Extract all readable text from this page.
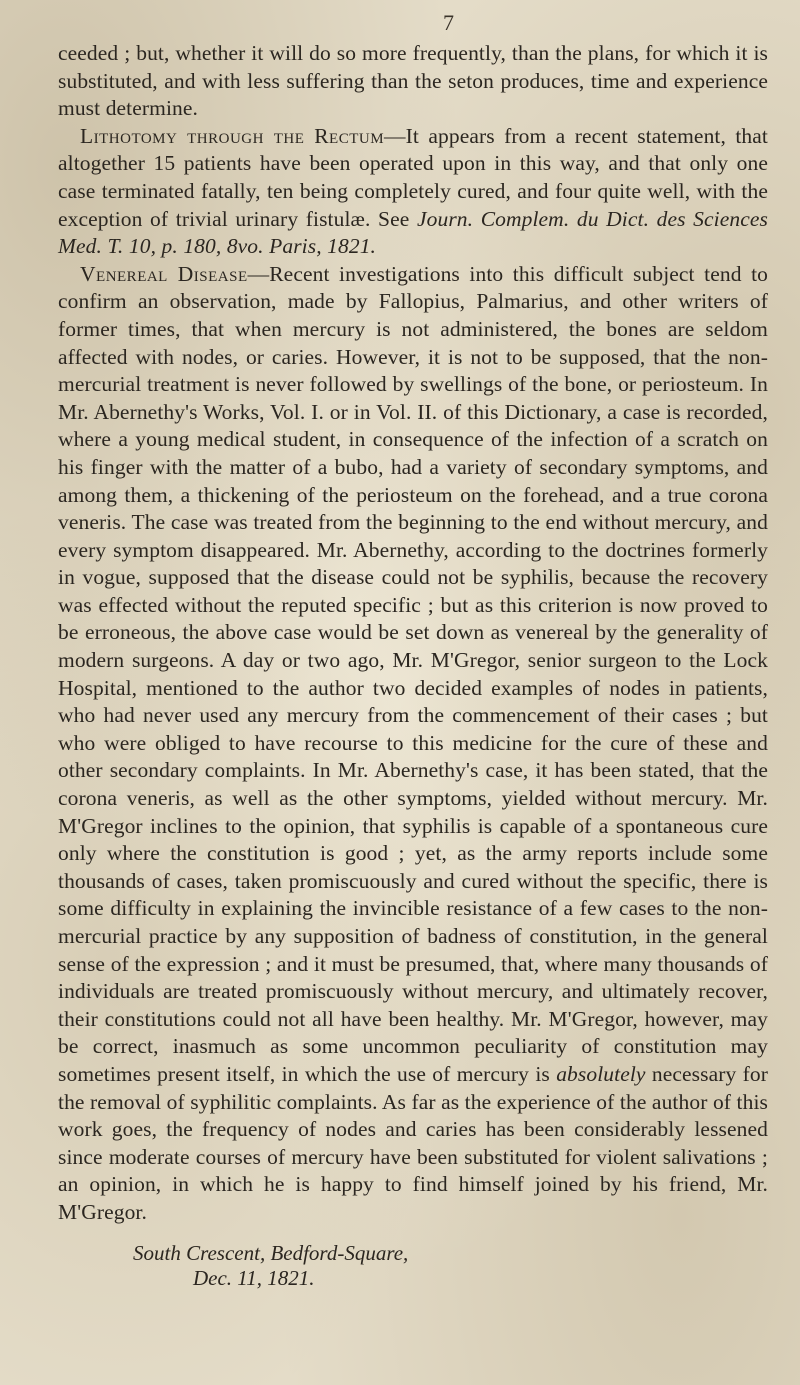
7

ceeded ; but, whether it will do so more frequently, than the plans, for which it is substituted, and with less suffering than the seton produces, time and experience must determine.

Lithotomy through the Rectum—It appears from a recent statement, that altogether 15 patients have been operated upon in this way, and that only one case terminated fatally, ten being completely cured, and four quite well, with the exception of trivial urinary fistulæ. See Journ. Complem. du Dict. des Sciences Med. T. 10, p. 180, 8vo. Paris, 1821.

Venereal Disease—Recent investigations into this difficult subject tend to confirm an observation, made by Fallopius, Palmarius, and other writers of former times, that when mercury is not administered, the bones are seldom affected with nodes, or caries. However, it is not to be supposed, that the non-mercurial treatment is never followed by swellings of the bone, or periosteum. In Mr. Abernethy's Works, Vol. I. or in Vol. II. of this Dictionary, a case is recorded, where a young medical student, in consequence of the infection of a scratch on his finger with the matter of a bubo, had a variety of secondary symptoms, and among them, a thickening of the periosteum on the forehead, and a true corona veneris. The case was treated from the beginning to the end without mercury, and every symptom disappeared. Mr. Abernethy, according to the doctrines formerly in vogue, supposed that the disease could not be syphilis, because the recovery was effected without the reputed specific ; but as this criterion is now proved to be erroneous, the above case would be set down as venereal by the generality of modern surgeons. A day or two ago, Mr. M'Gregor, senior surgeon to the Lock Hospital, mentioned to the author two decided examples of nodes in patients, who had never used any mercury from the commencement of their cases ; but who were obliged to have recourse to this medicine for the cure of these and other secondary complaints. In Mr. Abernethy's case, it has been stated, that the corona veneris, as well as the other symptoms, yielded without mercury. Mr. M'Gregor inclines to the opinion, that syphilis is capable of a spontaneous cure only where the constitution is good ; yet, as the army reports include some thousands of cases, taken promiscuously and cured without the specific, there is some difficulty in explaining the invincible resistance of a few cases to the non-mercurial practice by any supposition of badness of constitution, in the general sense of the expression ; and it must be presumed, that, where many thousands of individuals are treated promiscuously without mercury, and ultimately recover, their constitutions could not all have been healthy. Mr. M'Gregor, however, may be correct, inasmuch as some uncommon peculiarity of constitution may sometimes present itself, in which the use of mercury is absolutely necessary for the removal of syphilitic complaints. As far as the experience of the author of this work goes, the frequency of nodes and caries has been considerably lessened since moderate courses of mercury have been substituted for violent salivations ; an opinion, in which he is happy to find himself joined by his friend, Mr. M'Gregor.

South Crescent, Bedford-Square,
Dec. 11, 1821.
